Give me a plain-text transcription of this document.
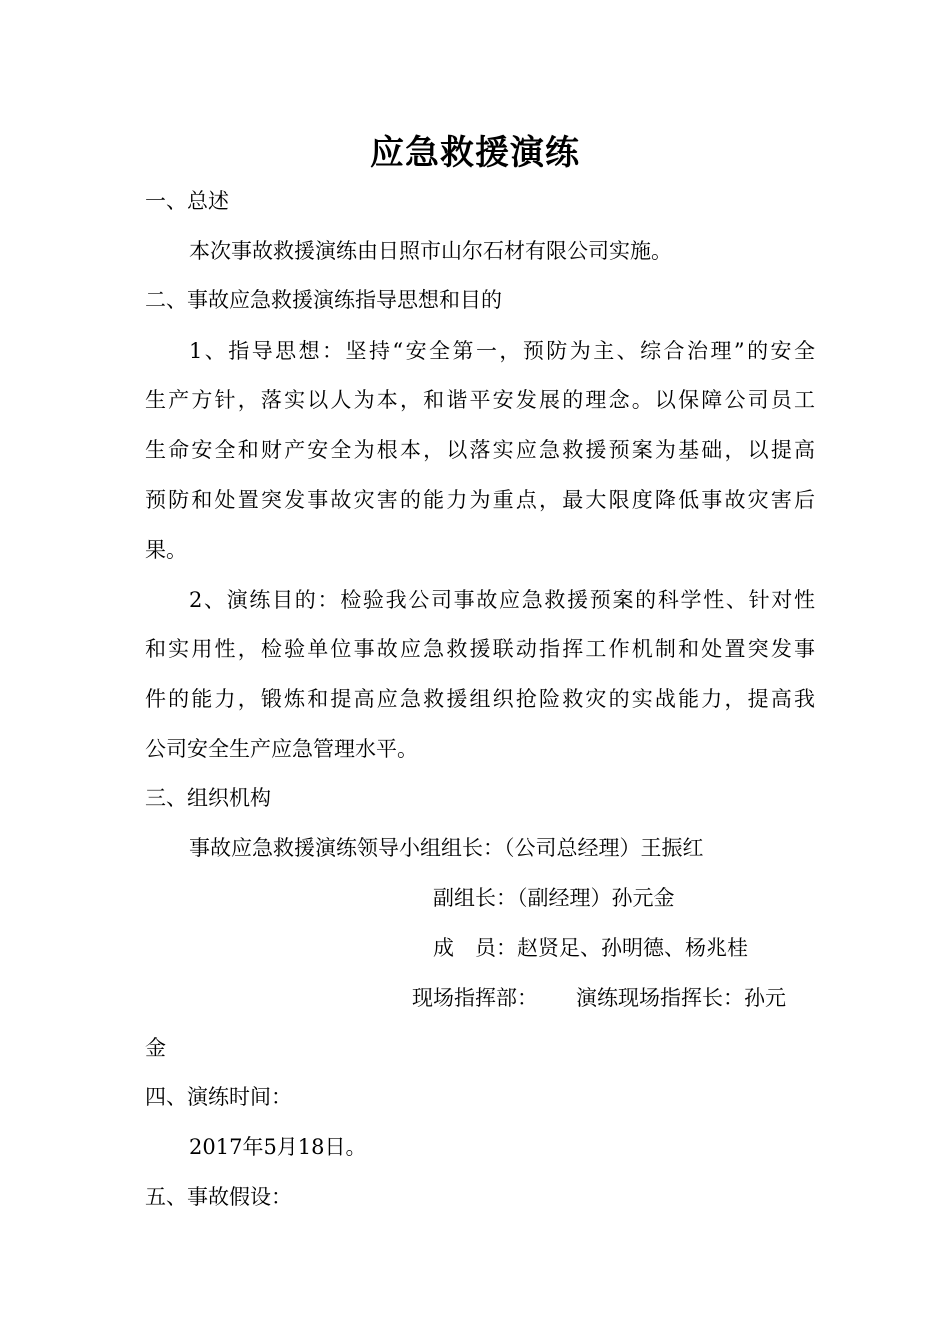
应急救援演练
一、总述
本次事故救援演练由日照市山尔石材有限公司实施。
二、事故应急救援演练指导思想和目的
1、指导思想：坚持“安全第一，预防为主、综合治理”的安全
生产方针，落实以人为本，和谐平安发展的理念。以保障公司员工
生命安全和财产安全为根本，以落实应急救援预案为基础，以提高
预防和处置突发事故灾害的能力为重点，最大限度降低事故灾害后
果。
2、演练目的：检验我公司事故应急救援预案的科学性、针对性
和实用性，检验单位事故应急救援联动指挥工作机制和处置突发事
件的能力，锻炼和提高应急救援组织抢险救灾的实战能力，提高我
公司安全生产应急管理水平。
三、组织机构
事故应急救援演练领导小组组长：（公司总经理）王振红
副组长：（副经理）孙元金
成　员：赵贤足、孙明德、杨兆桂
现场指挥部：	演练现场指挥长：孙元
金
四、演练时间：
2017年5月18日。
五、事故假设：
